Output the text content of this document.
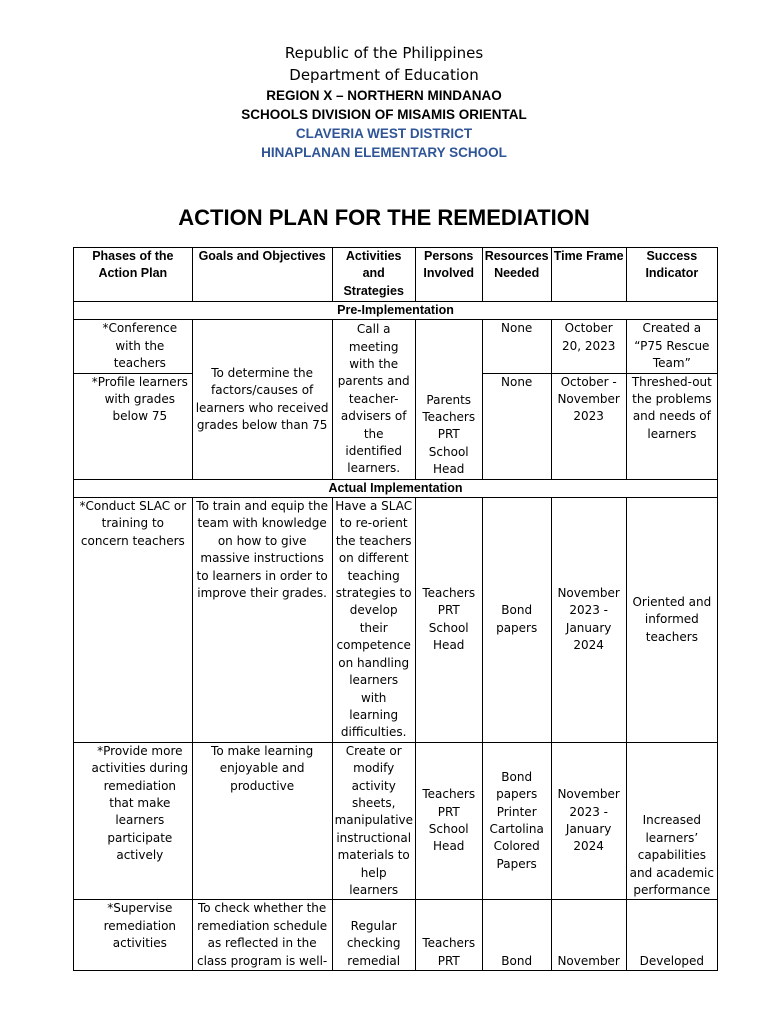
Republic of the Philippines
Department of Education
REGION X – NORTHERN MINDANAO
SCHOOLS DIVISION OF MISAMIS ORIENTAL
CLAVERIA WEST DISTRICT
HINAPLANAN ELEMENTARY SCHOOL
ACTION PLAN FOR THE REMEDIATION
Phases of the Action Plan	Goals and Objectives	Activities and Strategies	Persons Involved	Resources Needed	Time Frame	Success Indicator
Pre-Implementation						
*Conference with the teachers	To determine the factors/causes of learners who received grades below than 75	Call a meeting with the parents and teacher-advisers of the identified learners.	Parents Teachers PRT School Head	None	October 20, 2023	Created a “P75 Rescue Team”
*Profile learners with grades below 75				None	October - November 2023	Threshed-out the problems and needs of learners
Actual Implementation						
*Conduct SLAC or training to concern teachers	To train and equip the team with knowledge on how to give massive instructions to learners in order to improve their grades.	Have a SLAC to re-orient the teachers on different teaching strategies to develop their competence on handling learners with learning difficulties.	Teachers PRT School Head	Bond papers	November 2023 - January 2024	Oriented and informed teachers
*Provide more activities during remediation that make learners participate actively	To make learning enjoyable and productive	Create or modify activity sheets, manipulative instructional materials to help learners	Teachers PRT School Head	Bond papers Printer Cartolina Colored Papers	November 2023 - January 2024	Increased learners’ capabilities and academic performance
*Supervise remediation activities	To check whether the remediation schedule as reflected in the class program is well-	Regular checking remedial	Teachers PRT	Bond	November	Developed
